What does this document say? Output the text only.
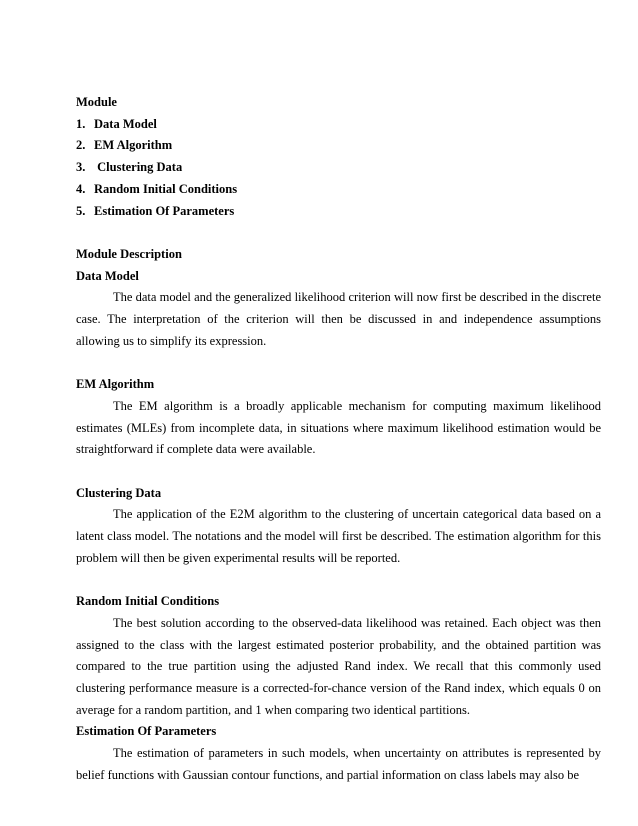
Module
1. Data Model
2. EM Algorithm
3. Clustering Data
4. Random Initial Conditions
5. Estimation Of Parameters
Module Description
Data Model
The data model and the generalized likelihood criterion will now first be described in the discrete case. The interpretation of the criterion will then be discussed in and independence assumptions allowing us to simplify its expression.
EM Algorithm
The EM algorithm is a broadly applicable mechanism for computing maximum likelihood estimates (MLEs) from incomplete data, in situations where maximum likelihood estimation would be straightforward if complete data were available.
Clustering Data
The application of the E2M algorithm to the clustering of uncertain categorical data based on a latent class model. The notations and the model will first be described. The estimation algorithm for this problem will then be given experimental results will be reported.
Random Initial Conditions
The best solution according to the observed-data likelihood was retained. Each object was then assigned to the class with the largest estimated posterior probability, and the obtained partition was compared to the true partition using the adjusted Rand index. We recall that this commonly used clustering performance measure is a corrected-for-chance version of the Rand index, which equals 0 on average for a random partition, and 1 when comparing two identical partitions.
Estimation Of Parameters
The estimation of parameters in such models, when uncertainty on attributes is represented by belief functions with Gaussian contour functions, and partial information on class labels may also be
